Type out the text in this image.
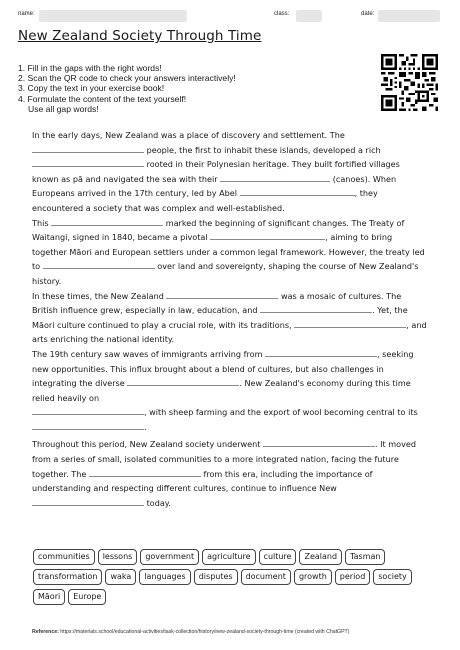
name:	class:	date:
New Zealand Society Through Time
1. Fill in the gaps with the right words!
2. Scan the QR code to check your answers interactively!
3. Copy the text in your exercise book!
4. Formulate the content of the text yourself!
Use all gap words!

In the early days, New Zealand was a place of discovery and settlement. The
people, the first to inhabit these islands, developed a rich
rooted in their Polynesian heritage. They built fortified villages known as pā and navigated the sea with their	(canoes). When Europeans arrived in the 17th century, led by Abel	, they encountered a society that was complex and well-established.

This	marked the beginning of significant changes. The Treaty of Waitangi, signed in 1840, became a pivotal	, aiming to bring together Māori and European settlers under a common legal framework. However, the treaty led to	over land and sovereignty, shaping the course of New Zealand's history.

In these times, the New Zealand	was a mosaic of cultures. The British influence grew, especially in law, education, and	. Yet, the Māori culture continued to play a crucial role, with its traditions,	, and arts enriching the national identity.

The 19th century saw waves of immigrants arriving from	, seeking new opportunities. This influx brought about a blend of cultures, but also challenges in integrating the diverse	. New Zealand's economy during this time relied heavily on
, with sheep farming and the export of wool becoming central to its
.

Throughout this period, New Zealand society underwent	. It moved from a series of small, isolated communities to a more integrated nation, facing the future together. The	from this era, including the importance of understanding and respecting different cultures, continue to influence New
today.

communities	lessons	government	agriculture	culture	Zealand	Tasman
transformation	waka	languages	disputes	document	growth	period	society
Māori	Europe
Reference: https://materials.school/educational-activities/task-collection/history/new-zealand-society-through-time (created with ChatGPT)
